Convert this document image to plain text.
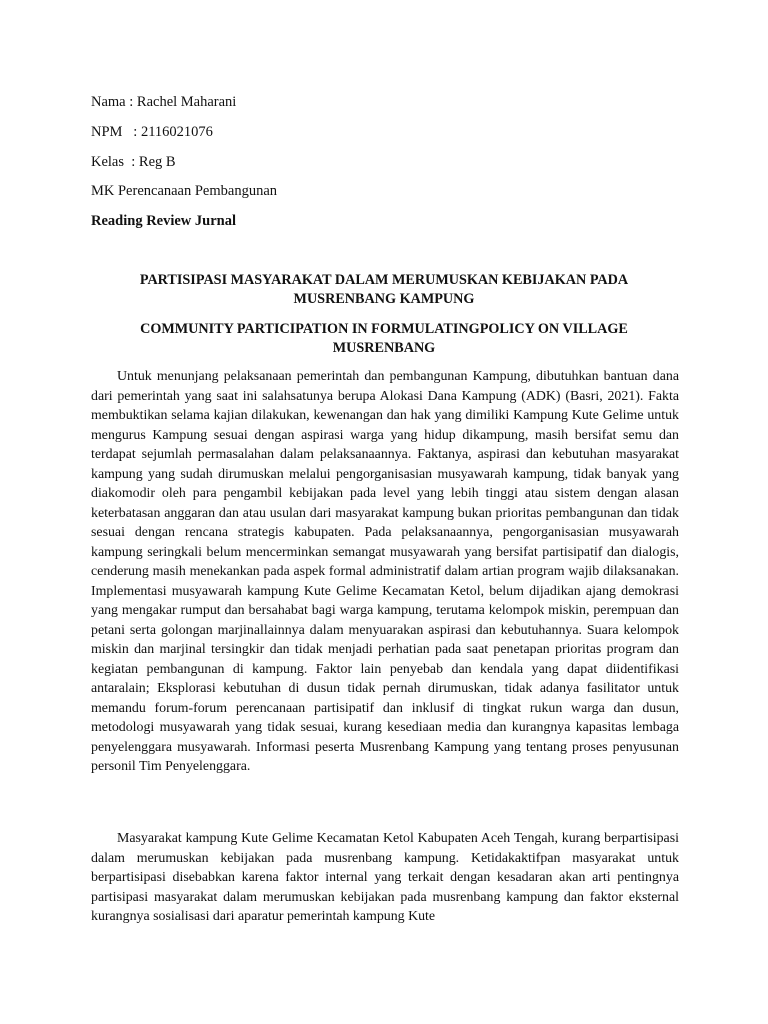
Nama : Rachel Maharani
NPM   : 2116021076
Kelas  : Reg B
MK Perencanaan Pembangunan
Reading Review Jurnal
PARTISIPASI MASYARAKAT DALAM MERUMUSKAN KEBIJAKAN PADA MUSRENBANG KAMPUNG
COMMUNITY PARTICIPATION IN FORMULATINGPOLICY ON VILLAGE MUSRENBANG

Untuk menunjang pelaksanaan pemerintah dan pembangunan Kampung, dibutuhkan bantuan dana dari pemerintah yang saat ini salahsatunya berupa Alokasi Dana Kampung (ADK) (Basri, 2021). Fakta membuktikan selama kajian dilakukan, kewenangan dan hak yang dimiliki Kampung Kute Gelime untuk mengurus Kampung sesuai dengan aspirasi warga yang hidup dikampung, masih bersifat semu dan terdapat sejumlah permasalahan dalam pelaksanaannya. Faktanya, aspirasi dan kebutuhan masyarakat kampung yang sudah dirumuskan melalui pengorganisasian musyawarah kampung, tidak banyak yang diakomodir oleh para pengambil kebijakan pada level yang lebih tinggi atau sistem dengan alasan keterbatasan anggaran dan atau usulan dari masyarakat kampung bukan prioritas pembangunan dan tidak sesuai dengan rencana strategis kabupaten. Pada pelaksanaannya, pengorganisasian musyawarah kampung seringkali belum mencerminkan semangat musyawarah yang bersifat partisipatif dan dialogis, cenderung masih menekankan pada aspek formal administratif dalam artian program wajib dilaksanakan. Implementasi musyawarah kampung Kute Gelime Kecamatan Ketol, belum dijadikan ajang demokrasi yang mengakar rumput dan bersahabat bagi warga kampung, terutama kelompok miskin, perempuan dan petani serta golongan marjinallainnya dalam menyuarakan aspirasi dan kebutuhannya. Suara kelompok miskin dan marjinal tersingkir dan tidak menjadi perhatian pada saat penetapan prioritas program dan kegiatan pembangunan di kampung. Faktor lain penyebab dan kendala yang dapat diidentifikasi antaralain; Eksplorasi kebutuhan di dusun tidak pernah dirumuskan, tidak adanya fasilitator untuk memandu forum-forum perencanaan partisipatif dan inklusif di tingkat rukun warga dan dusun, metodologi musyawarah yang tidak sesuai, kurang kesediaan media dan kurangnya kapasitas lembaga penyelenggara musyawarah. Informasi peserta Musrenbang Kampung yang tentang proses penyusunan personil Tim Penyelenggara.

Masyarakat kampung Kute Gelime Kecamatan Ketol Kabupaten Aceh Tengah, kurang berpartisipasi dalam merumuskan kebijakan pada musrenbang kampung. Ketidakaktifpan masyarakat untuk berpartisipasi disebabkan karena faktor internal yang terkait dengan kesadaran akan arti pentingnya partisipasi masyarakat dalam merumuskan kebijakan pada musrenbang kampung dan faktor eksternal kurangnya sosialisasi dari aparatur pemerintah kampung Kute
